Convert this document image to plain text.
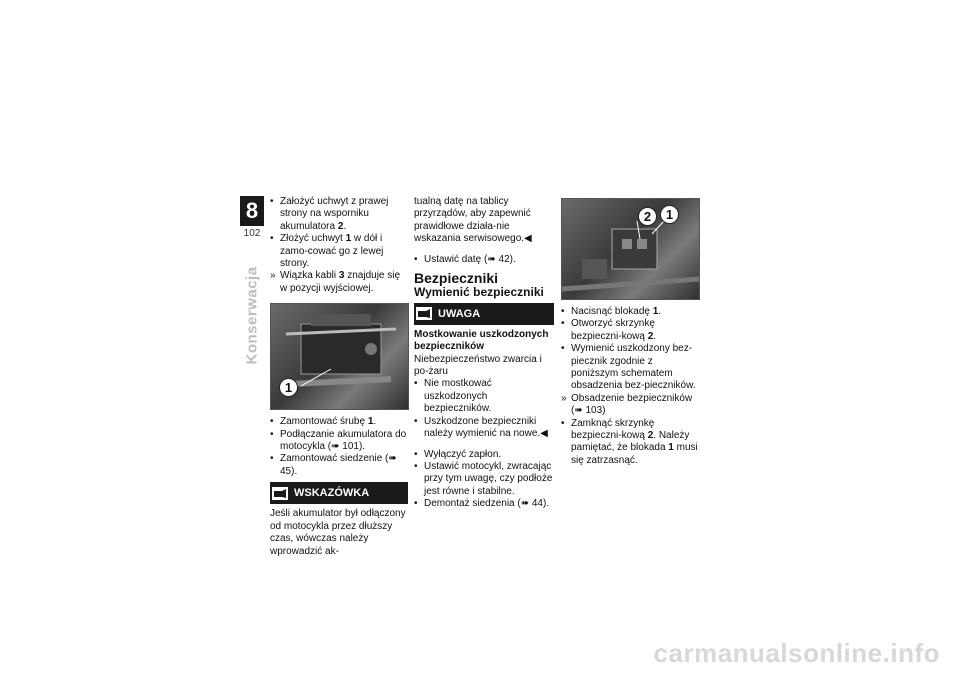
8
102
Konserwacja

• Założyć uchwyt z prawej strony na wsporniku akumulatora 2.

• Złożyć uchwyt 1 w dół i zamo-cować go z lewej strony.

» Wiązka kabli 3 znajduje się w pozycji wyjściowej.

1

• Zamontować śrubę 1.

• Podłączanie akumulatora do motocykla (➠ 101).

• Zamontować siedzenie (➠ 45).

WSKAZÓWKA

Jeśli akumulator był odłączony od motocykla przez dłuższy czas, wówczas należy wprowadzić ak-

tualną datę na tablicy przyrządów, aby zapewnić prawidłowe działa-nie wskazania serwisowego.◀

• Ustawić datę (➠ 42).

Bezpieczniki
Wymienić bezpieczniki
UWAGA

Mostkowanie uszkodzonych bezpieczników

Niebezpieczeństwo zwarcia i po-żaru

• Nie mostkować uszkodzonych bezpieczników.

• Uszkodzone bezpieczniki należy wymienić na nowe.◀

• Wyłączyć zapłon.

• Ustawić motocykl, zwracając przy tym uwagę, czy podłoże jest równe i stabilne.

• Demontaż siedzenia (➠ 44).

2	1

• Nacisnąć blokadę 1.

• Otworzyć skrzynkę bezpieczni-kową 2.

• Wymienić uszkodzony bez-piecznik zgodnie z poniższym schematem obsadzenia bez-pieczników.

» Obsadzenie bezpieczników (➠ 103)

• Zamknąć skrzynkę bezpieczni-kową 2. Należy pamiętać, że blokada 1 musi się zatrzasnąć.

carmanualsonline.info
